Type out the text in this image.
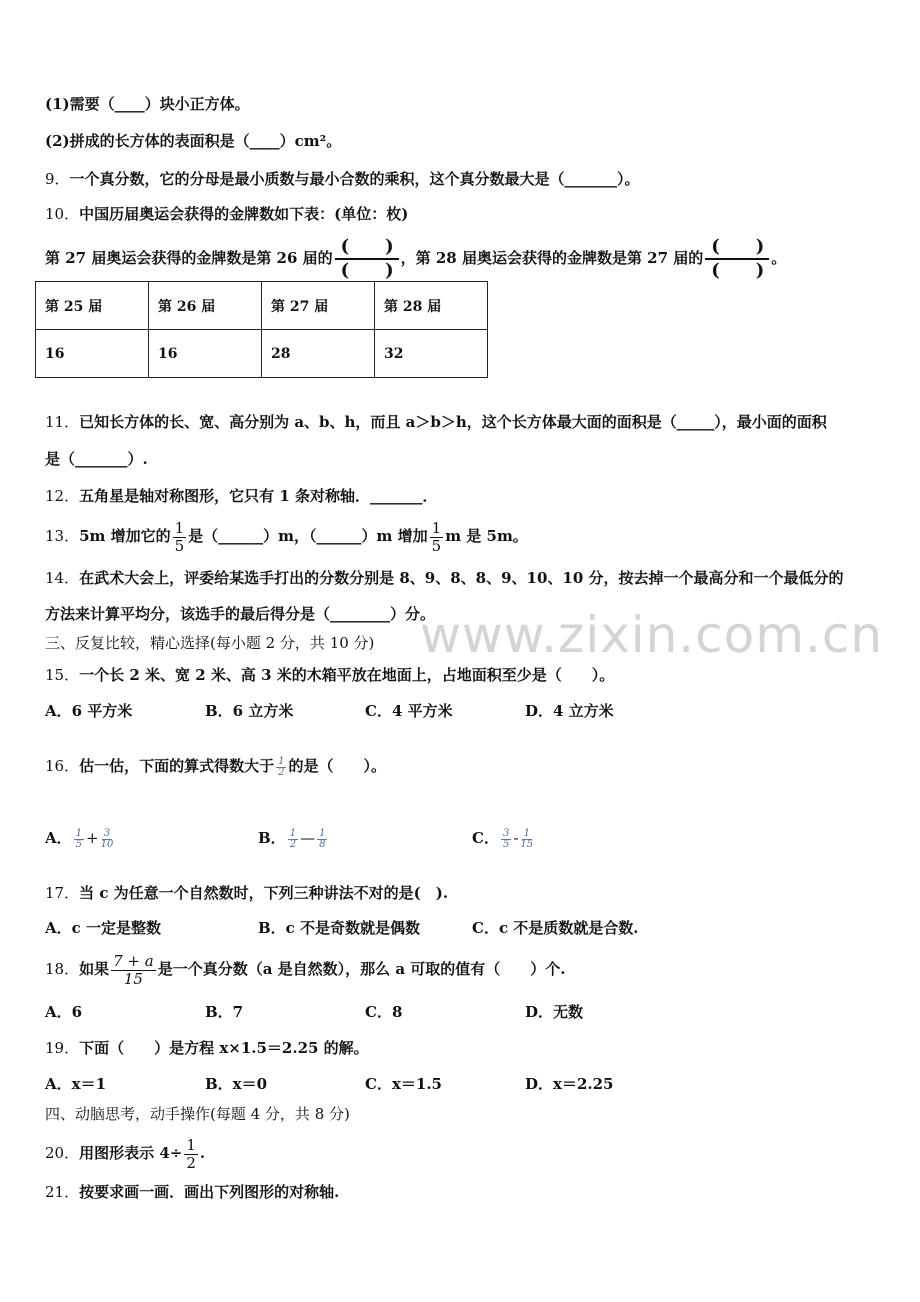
www.zixin.com.cn
(1)需要（____）块小正方体。
(2)拼成的长方体的表面积是（____）cm²。
9．一个真分数，它的分母是最小质数与最小合数的乘积，这个真分数最大是（_______）。
10．中国历届奥运会获得的金牌数如下表：(单位：枚)
第 27 届奥运会获得的金牌数是第 26 届的 $\frac{( )}{( )}$ ，第 28 届奥运会获得的金牌数是第 27 届的 $\frac{( )}{( )}$ 。
第 25 届	第 26 届	第 27 届	第 28 届
16	16	28	32
11．已知长方体的长、宽、高分别为 a、b、h，而且 a＞b＞h，这个长方体最大面的面积是（_____），最小面的面积
是（_______）.
12．五角星是轴对称图形，它只有 1 条对称轴．_______．
13．5m 增加它的 $\frac{1}{5}$ 是（______）m，（______）m 增加 $\frac{1}{5}$ m 是 5m。
14．在武术大会上，评委给某选手打出的分数分别是 8、9、8、8、9、10、10 分，按去掉一个最高分和一个最低分的
方法来计算平均分，该选手的最后得分是（________）分。
三、反复比较，精心选择(每小题 2 分，共 10 分)
15．一个长 2 米、宽 2 米、高 3 米的木箱平放在地面上，占地面积至少是（　　）。
A．6 平方米	B．6 立方米	C．4 平方米	D．4 立方米
16．估一估，下面的算式得数大于 $\frac{1}{2}$ 的是（　　）。
A． $\frac{1}{5} + \frac{3}{10}$	B． $\frac{1}{2}$ — $\frac{1}{8}$	C． $\frac{3}{5} - \frac{1}{15}$
17．当 c 为任意一个自然数时，下列三种讲法不对的是(　).
A．c 一定是整数	B．c 不是奇数就是偶数	C．c 不是质数就是合数.
18．如果 $\frac{7 + a}{15}$ 是一个真分数（a 是自然数），那么 a 可取的值有（　　）个.
A．6	B．7	C．8	D．无数
19．下面（　　）是方程 x×1.5＝2.25 的解。
A．x＝1	B．x＝0	C．x＝1.5	D．x＝2.25
四、动脑思考，动手操作(每题 4 分，共 8 分)
20．用图形表示 $4\div \frac{1}{2}$ .
21．按要求画一画．画出下列图形的对称轴.
